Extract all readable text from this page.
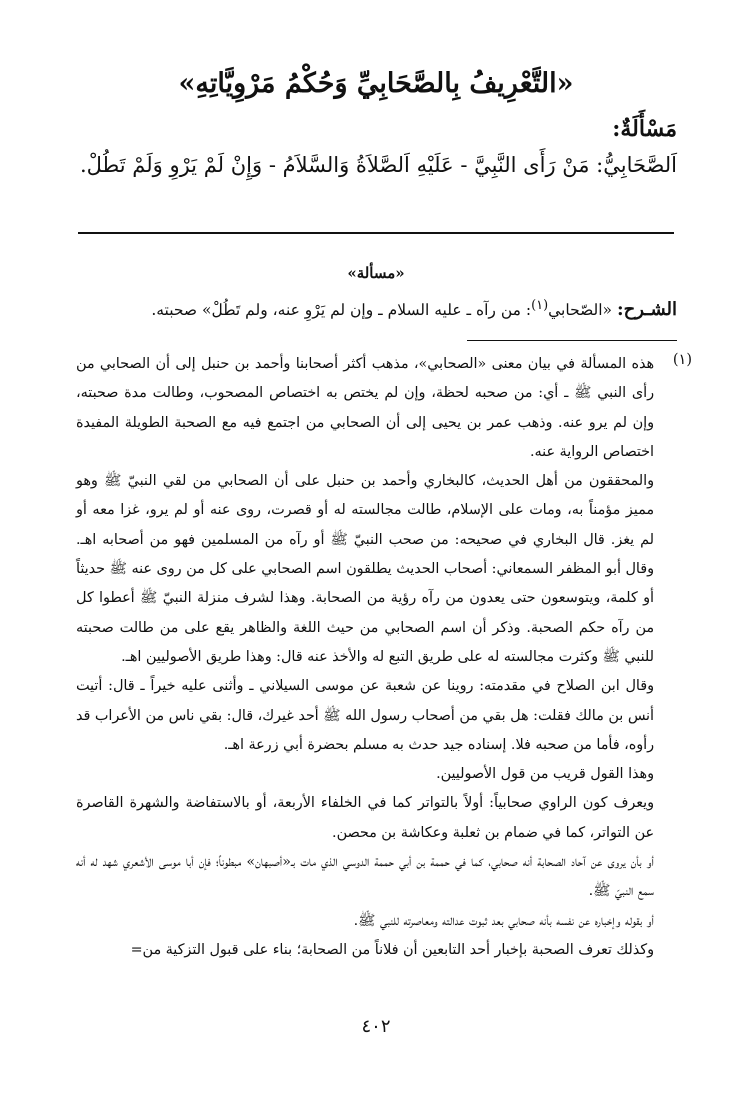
«التَّعْرِيفُ بِالصَّحَابِيِّ وَحُكْمُ مَرْوِيَّاتِهِ»
مَسْأَلَةٌ:
اَلصَّحَابِيُّ: مَنْ رَأَى النَّبِيَّ - عَلَيْهِ اَلصَّلاَةُ وَالسَّلاَمُ - وَإِنْ لَمْ يَرْوِ وَلَمْ تَطُلْ.
«مسألة»
الشـرح: «الصّحابي$^{(١)}$: من رآه ـ عليه السلام ـ وإن لم يَرْوِ عنه، ولم تَطُلْ» صحبته.
(١)

هذه المسألة في بيان معنى «الصحابي»، مذهب أكثر أصحابنا وأحمد بن حنبل إلى أن الصحابي من رأى النبي ﷺ ـ أي: من صحبه لحظة، وإن لم يختص به اختصاص المصحوب، وطالت مدة صحبته، وإن لم يرو عنه. وذهب عمر بن يحيى إلى أن الصحابي من اجتمع فيه مع الصحبة الطويلة المفيدة اختصاص الرواية عنه.

والمحققون من أهل الحديث، كالبخاري وأحمد بن حنبل على أن الصحابي من لقي النبيّ ﷺ وهو مميز مؤمناً به، ومات على الإسلام، طالت مجالسته له أو قصرت، روى عنه أو لم يرو، غزا معه أو لم يغز. قال البخاري في صحيحه: من صحب النبيّ ﷺ أو رآه من المسلمين فهو من أصحابه اهـ. وقال أبو المظفر السمعاني: أصحاب الحديث يطلقون اسم الصحابي على كل من روى عنه ﷺ حديثاً أو كلمة، ويتوسعون حتى يعدون من رآه رؤية من الصحابة. وهذا لشرف منزلة النبيّ ﷺ أعطوا كل من رآه حكم الصحبة. وذكر أن اسم الصحابي من حيث اللغة والظاهر يقع على من طالت صحبته للنبي ﷺ وكثرت مجالسته له على طريق التبع له والأخذ عنه قال: وهذا طريق الأصوليين اهـ.

وقال ابن الصلاح في مقدمته: روينا عن شعبة عن موسى السيلاني ـ وأثنى عليه خيراً ـ قال: أتيت أنس بن مالك فقلت: هل بقي من أصحاب رسول الله ﷺ أحد غيرك، قال: بقي ناس من الأعراب قد رأوه، فأما من صحبه فلا. إسناده جيد حدث به مسلم بحضرة أبي زرعة اهـ.

وهذا القول قريب من قول الأصوليين.

ويعرف كون الراوي صحابياً: أولاً بالتواتر كما في الخلفاء الأربعة، أو بالاستفاضة والشهرة القاصرة عن التواتر، كما في ضمام بن ثعلبة وعكاشة بن محصن.

أو بأن يروى عن آحاد الصحابة أنه صحابي، كما في حممة بن أبي حممة الدوسي الذي مات بـ«أصبهان» مبطوناً؛ فإن أبا موسى الأشعري شهد له أنه سمع النبيّ ﷺ.

أو بقوله وإخباره عن نفسه بأنه صحابي بعد ثبوت عدالته ومعاصرته للنبي ﷺ.

وكذلك تعرف الصحبة بإخبار أحد التابعين أن فلاناً من الصحابة؛ بناء على قبول التزكية من=

٤٠٢
